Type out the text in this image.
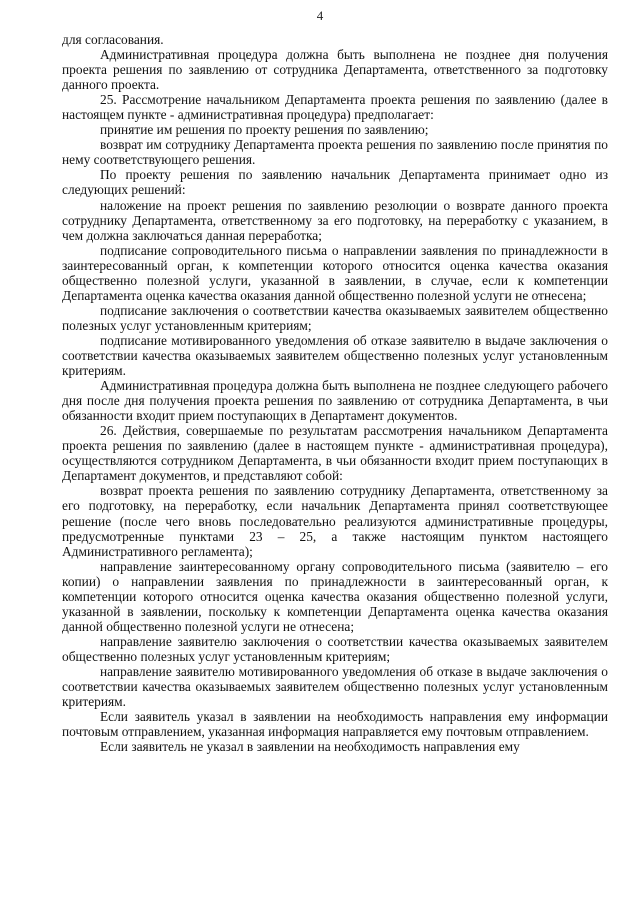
4

для согласования.

Административная процедура должна быть выполнена не позднее дня получения проекта решения по заявлению от сотрудника Департамента, ответственного за подготовку данного проекта.

25. Рассмотрение начальником Департамента проекта решения по заявлению (далее в настоящем пункте - административная процедура) предполагает:

принятие им решения по проекту решения по заявлению;

возврат им сотруднику Департамента проекта решения по заявлению после принятия по нему соответствующего решения.

По проекту решения по заявлению начальник Департамента принимает одно из следующих решений:

наложение на проект решения по заявлению резолюции о возврате данного проекта сотруднику Департамента, ответственному за его подготовку, на переработку с указанием, в чем должна заключаться данная переработка;

подписание сопроводительного письма о направлении заявления по принадлежности в заинтересованный орган, к компетенции которого относится оценка качества оказания общественно полезной услуги, указанной в заявлении, в случае, если к компетенции Департамента оценка качества оказания данной общественно полезной услуги не отнесена;

подписание заключения о соответствии качества оказываемых заявителем общественно полезных услуг установленным критериям;

подписание мотивированного уведомления об отказе заявителю в выдаче заключения о соответствии качества оказываемых заявителем общественно полезных услуг установленным критериям.

Административная процедура должна быть выполнена не позднее следующего рабочего дня после дня получения проекта решения по заявлению от сотрудника Департамента, в чьи обязанности входит прием поступающих в Департамент документов.

26. Действия, совершаемые по результатам рассмотрения начальником Департамента проекта решения по заявлению (далее в настоящем пункте - административная процедура), осуществляются сотрудником Департамента, в чьи обязанности входит прием поступающих в Департамент документов, и представляют собой:

возврат проекта решения по заявлению сотруднику Департамента, ответственному за его подготовку, на переработку, если начальник Департамента принял соответствующее решение (после чего вновь последовательно реализуются административные процедуры, предусмотренные пунктами 23 – 25, а также настоящим пунктом настоящего Административного регламента);

направление заинтересованному органу сопроводительного письма (заявителю – его копии) о направлении заявления по принадлежности в заинтересованный орган, к компетенции которого относится оценка качества оказания общественно полезной услуги, указанной в заявлении, поскольку к компетенции Департамента оценка качества оказания данной общественно полезной услуги не отнесена;

направление заявителю заключения о соответствии качества оказываемых заявителем общественно полезных услуг установленным критериям;

направление заявителю мотивированного уведомления об отказе в выдаче заключения о соответствии качества оказываемых заявителем общественно полезных услуг установленным критериям.

Если заявитель указал в заявлении на необходимость направления ему информации почтовым отправлением, указанная информация направляется ему почтовым отправлением.

Если заявитель не указал в заявлении на необходимость направления ему
